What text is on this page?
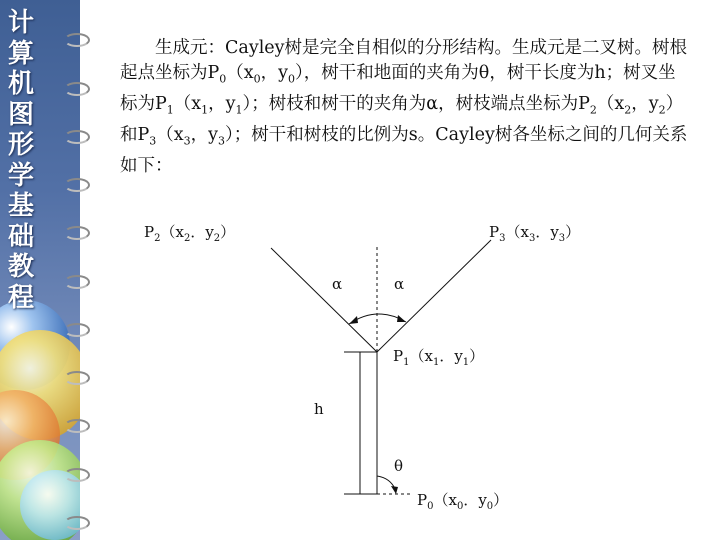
计
算
机
图
形
学
基
础
教
程

　　生成元：Cayley树是完全自相似的分形结构。生成元是二叉树。树根起点坐标为$P_0(x_0$，$y_0$），树干和地面的夹角为θ，树干长度为h；树叉坐标为$P_1(x_1$，$y_1$）；树枝和树干的夹角为α，树枝端点坐标为$P_2(x_2$，$y_2$）和$P_3(x_3$，$y_3$）；树干和树枝的比例为s。Cayley树各坐标之间的几何关系如下：

$P_2(x_2$．$y_2$）	$P_3(x_3$．$y_3$）
α	α
$P_1(x_1$．$y_1$）
h
θ
$P_0(x_0$．$y_0$）
